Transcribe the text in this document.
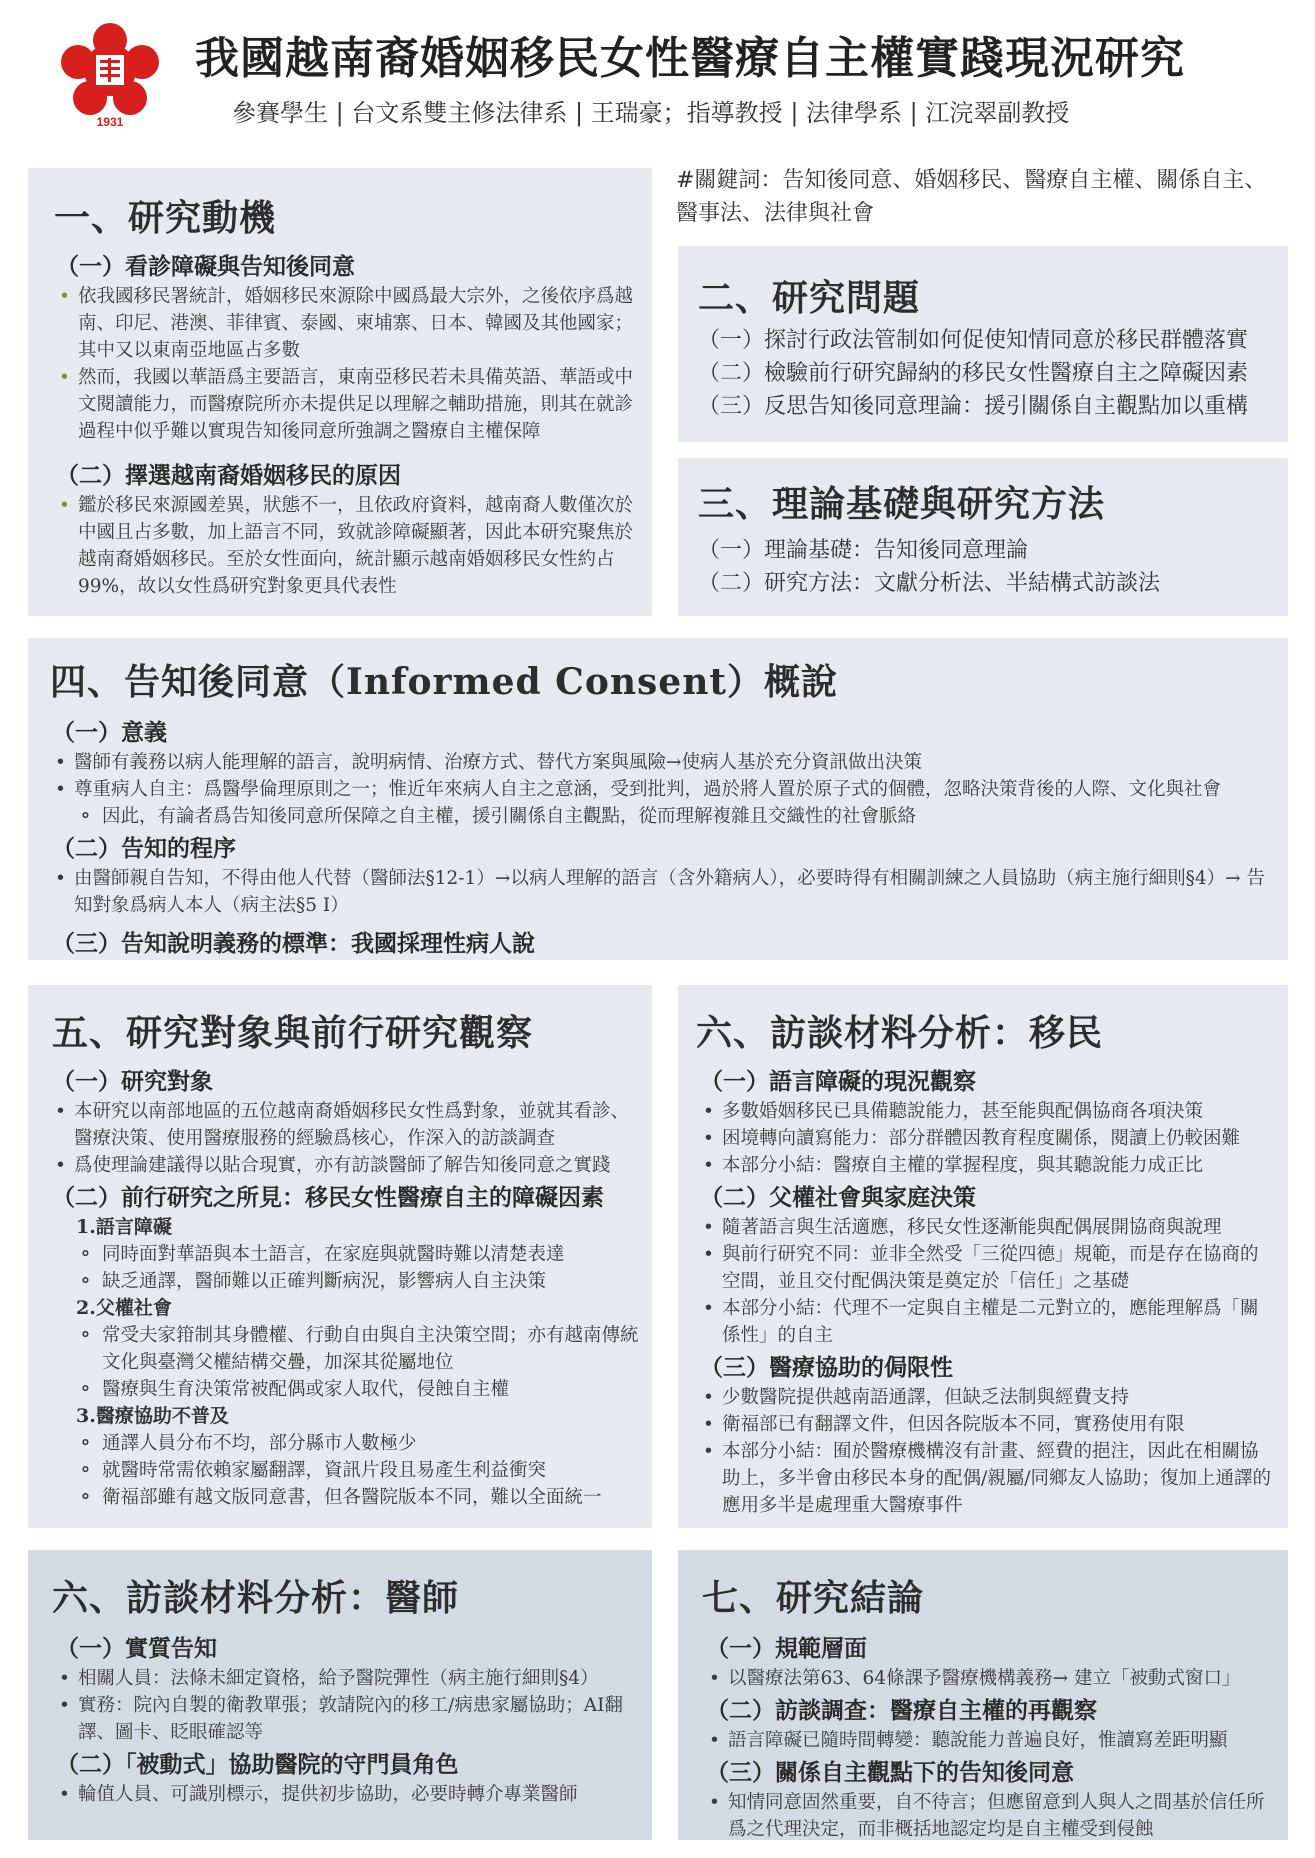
1931
我國越南裔婚姻移民女性醫療自主權實踐現況研究
參賽學生 | 台文系雙主修法律系 | 王瑞豪；指導教授 | 法律學系 | 江浣翠副教授
#關鍵詞：告知後同意、婚姻移民、醫療自主權、關係自主、醫事法、法律與社會
一、研究動機
（一）看診障礙與告知後同意
• 依我國移民署統計，婚姻移民來源除中國爲最大宗外，之後依序爲越南、印尼、港澳、菲律賓、泰國、柬埔寨、日本、韓國及其他國家；其中又以東南亞地區占多數
• 然而，我國以華語爲主要語言，東南亞移民若未具備英語、華語或中文閱讀能力，而醫療院所亦未提供足以理解之輔助措施，則其在就診過程中似乎難以實現告知後同意所強調之醫療自主權保障
（二）擇選越南裔婚姻移民的原因
• 鑑於移民來源國差異，狀態不一，且依政府資料，越南裔人數僅次於中國且占多數，加上語言不同，致就診障礙顯著，因此本研究聚焦於越南裔婚姻移民。至於女性面向，統計顯示越南婚姻移民女性約占99%，故以女性爲研究對象更具代表性
二、研究問題
（一）探討行政法管制如何促使知情同意於移民群體落實
（二）檢驗前行研究歸納的移民女性醫療自主之障礙因素
（三）反思告知後同意理論：援引關係自主觀點加以重構
三、理論基礎與研究方法
（一）理論基礎：告知後同意理論
（二）研究方法：文獻分析法、半結構式訪談法
四、告知後同意（Informed Consent）概說
（一）意義
• 醫師有義務以病人能理解的語言，說明病情、治療方式、替代方案與風險→使病人基於充分資訊做出決策
• 尊重病人自主：爲醫學倫理原則之一；惟近年來病人自主之意涵，受到批判，過於將人置於原子式的個體，忽略決策背後的人際、文化與社會
∘ 因此，有論者爲告知後同意所保障之自主權，援引關係自主觀點，從而理解複雜且交織性的社會脈絡
（二）告知的程序
• 由醫師親自告知，不得由他人代替（醫師法§12-1）→以病人理解的語言（含外籍病人），必要時得有相關訓練之人員協助（病主施行細則§4）→ 告知對象爲病人本人（病主法§5 I）
（三）告知說明義務的標準：我國採理性病人說
五、研究對象與前行研究觀察
（一）研究對象
• 本研究以南部地區的五位越南裔婚姻移民女性爲對象，並就其看診、醫療決策、使用醫療服務的經驗爲核心，作深入的訪談調查
• 爲使理論建議得以貼合現實，亦有訪談醫師了解告知後同意之實踐
（二）前行研究之所見：移民女性醫療自主的障礙因素
1.語言障礙
∘ 同時面對華語與本土語言，在家庭與就醫時難以清楚表達
∘ 缺乏通譯，醫師難以正確判斷病況，影響病人自主決策
2.父權社會
∘ 常受夫家箝制其身體權、行動自由與自主決策空間；亦有越南傳統文化與臺灣父權結構交疊，加深其從屬地位
∘ 醫療與生育決策常被配偶或家人取代，侵蝕自主權
3.醫療協助不普及
∘ 通譯人員分布不均，部分縣市人數極少
∘ 就醫時常需依賴家屬翻譯，資訊片段且易產生利益衝突
∘ 衛福部雖有越文版同意書，但各醫院版本不同，難以全面統一
六、訪談材料分析：移民
（一）語言障礙的現況觀察
• 多數婚姻移民已具備聽說能力，甚至能與配偶協商各項決策
• 困境轉向讀寫能力：部分群體因教育程度關係，閱讀上仍較困難
• 本部分小結：醫療自主權的掌握程度，與其聽說能力成正比
（二）父權社會與家庭決策
• 隨著語言與生活適應，移民女性逐漸能與配偶展開協商與說理
• 與前行研究不同：並非全然受「三從四德」規範，而是存在協商的空間，並且交付配偶決策是奠定於「信任」之基礎
• 本部分小結：代理不一定與自主權是二元對立的，應能理解爲「關係性」的自主
（三）醫療協助的侷限性
• 少數醫院提供越南語通譯，但缺乏法制與經費支持
• 衛福部已有翻譯文件，但因各院版本不同，實務使用有限
• 本部分小結：囿於醫療機構沒有計畫、經費的挹注，因此在相關協助上，多半會由移民本身的配偶/親屬/同鄉友人協助；復加上通譯的應用多半是處理重大醫療事件
六、訪談材料分析：醫師
（一）實質告知
• 相關人員：法條未細定資格，給予醫院彈性（病主施行細則§4）
• 實務：院內自製的衛教單張；敦請院內的移工/病患家屬協助；AI翻譯、圖卡、眨眼確認等
（二）「被動式」協助醫院的守門員角色
• 輪值人員、可識別標示，提供初步協助，必要時轉介專業醫師
七、研究結論
（一）規範層面
• 以醫療法第63、64條課予醫療機構義務→ 建立「被動式窗口」
（二）訪談調查：醫療自主權的再觀察
• 語言障礙已隨時間轉變：聽說能力普遍良好，惟讀寫差距明顯
（三）關係自主觀點下的告知後同意
• 知情同意固然重要，自不待言；但應留意到人與人之間基於信任所爲之代理決定，而非概括地認定均是自主權受到侵蝕
